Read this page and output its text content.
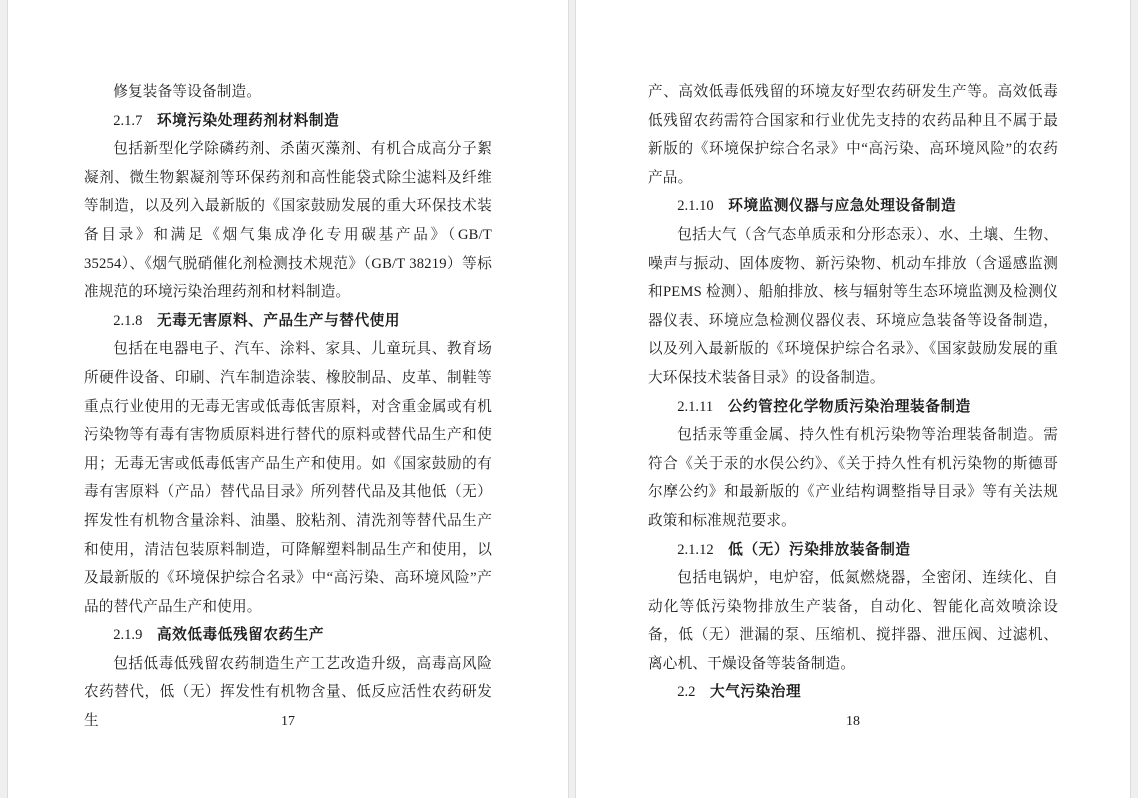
修复装备等设备制造。

2.1.7 环境污染处理药剂材料制造

包括新型化学除磷药剂、杀菌灭藻剂、有机合成高分子絮凝剂、微生物絮凝剂等环保药剂和高性能袋式除尘滤料及纤维等制造，以及列入最新版的《国家鼓励发展的重大环保技术装备目录》和满足《烟气集成净化专用碳基产品》（GB/T 35254）、《烟气脱硝催化剂检测技术规范》（GB/T 38219）等标准规范的环境污染治理药剂和材料制造。

2.1.8 无毒无害原料、产品生产与替代使用

包括在电器电子、汽车、涂料、家具、儿童玩具、教育场所硬件设备、印刷、汽车制造涂装、橡胶制品、皮革、制鞋等重点行业使用的无毒无害或低毒低害原料，对含重金属或有机污染物等有毒有害物质原料进行替代的原料或替代品生产和使用；无毒无害或低毒低害产品生产和使用。如《国家鼓励的有毒有害原料（产品）替代品目录》所列替代品及其他低（无）挥发性有机物含量涂料、油墨、胶粘剂、清洗剂等替代品生产和使用，清洁包装原料制造，可降解塑料制品生产和使用，以及最新版的《环境保护综合名录》中“高污染、高环境风险”产品的替代产品生产和使用。

2.1.9 高效低毒低残留农药生产

包括低毒低残留农药制造生产工艺改造升级，高毒高风险农药替代，低（无）挥发性有机物含量、低反应活性农药研发生	17

产、高效低毒低残留的环境友好型农药研发生产等。高效低毒低残留农药需符合国家和行业优先支持的农药品种且不属于最新版的《环境保护综合名录》中“高污染、高环境风险”的农药产品。

2.1.10 环境监测仪器与应急处理设备制造

包括大气（含气态单质汞和分形态汞）、水、土壤、生物、噪声与振动、固体废物、新污染物、机动车排放（含遥感监测和PEMS 检测）、船舶排放、核与辐射等生态环境监测及检测仪器仪表、环境应急检测仪器仪表、环境应急装备等设备制造，以及列入最新版的《环境保护综合名录》、《国家鼓励发展的重大环保技术装备目录》的设备制造。

2.1.11 公约管控化学物质污染治理装备制造

包括汞等重金属、持久性有机污染物等治理装备制造。需符合《关于汞的水俣公约》、《关于持久性有机污染物的斯德哥尔摩公约》和最新版的《产业结构调整指导目录》等有关法规政策和标准规范要求。

2.1.12 低（无）污染排放装备制造

包括电锅炉，电炉窑，低氮燃烧器，全密闭、连续化、自动化等低污染物排放生产装备，自动化、智能化高效喷涂设备，低（无）泄漏的泵、压缩机、搅拌器、泄压阀、过滤机、离心机、干燥设备等装备制造。

2.2 大气污染治理

18
